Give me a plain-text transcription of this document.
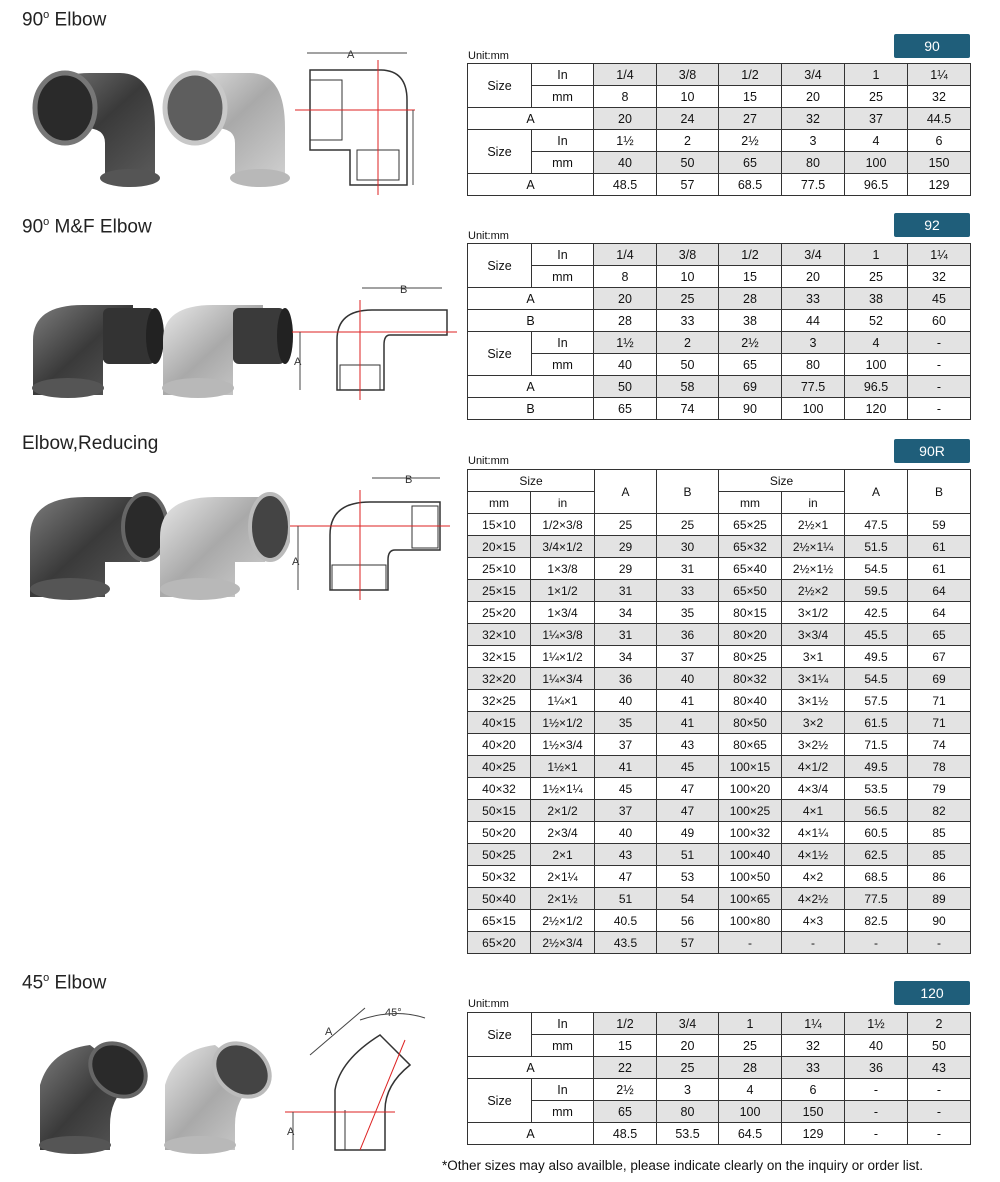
90$^o$ Elbow
A	Unit:mm
90
Size	In	1/4	3/8	1/2	3/4	1	1¼
	mm	8	10	15	20	25	32
A		20	24	27	32	37	44.5
Size	In	1½	2	2½	3	4	6
	mm	40	50	65	80	100	150
A		48.5	57	68.5	77.5	96.5	129
90$^o$ M&F Elbow
B
A
Unit:mm
92
Size	In	1/4	3/8	1/2	3/4	1	1¼
	mm	8	10	15	20	25	32
A		20	25	28	33	38	45
B		28	33	38	44	52	60
Size	In	1½	2	2½	3	4	-
	mm	40	50	65	80	100	-
A		50	58	69	77.5	96.5	-
B		65	74	90	100	120	-
Elbow,Reducing
B
A
Unit:mm
90R
Size		A	B	Size		A	B
mm	in			mm	in		
15×10	1/2×3/8	25	25	65×25	2½×1	47.5	59
20×15	3/4×1/2	29	30	65×32	2½×1¼	51.5	61
25×10	1×3/8	29	31	65×40	2½×1½	54.5	61
25×15	1×1/2	31	33	65×50	2½×2	59.5	64
25×20	1×3/4	34	35	80×15	3×1/2	42.5	64
32×10	1¼×3/8	31	36	80×20	3×3/4	45.5	65
32×15	1¼×1/2	34	37	80×25	3×1	49.5	67
32×20	1¼×3/4	36	40	80×32	3×1¼	54.5	69
32×25	1¼×1	40	41	80×40	3×1½	57.5	71
40×15	1½×1/2	35	41	80×50	3×2	61.5	71
40×20	1½×3/4	37	43	80×65	3×2½	71.5	74
40×25	1½×1	41	45	100×15	4×1/2	49.5	78
40×32	1½×1¼	45	47	100×20	4×3/4	53.5	79
50×15	2×1/2	37	47	100×25	4×1	56.5	82
50×20	2×3/4	40	49	100×32	4×1¼	60.5	85
50×25	2×1	43	51	100×40	4×1½	62.5	85
50×32	2×1¼	47	53	100×50	4×2	68.5	86
50×40	2×1½	51	54	100×65	4×2½	77.5	89
65×15	2½×1/2	40.5	56	100×80	4×3	82.5	90
65×20	2½×3/4	43.5	57	-	-	-	-
45$^o$ Elbow
A
45°
A
Unit:mm
120
Size	In	1/2	3/4	1	1¼	1½	2
	mm	15	20	25	32	40	50
A		22	25	28	33	36	43
Size	In	2½	3	4	6	-	-
	mm	65	80	100	150	-	-
A		48.5	53.5	64.5	129	-	-
*Other sizes may also availble, please indicate clearly on the inquiry or order list.
